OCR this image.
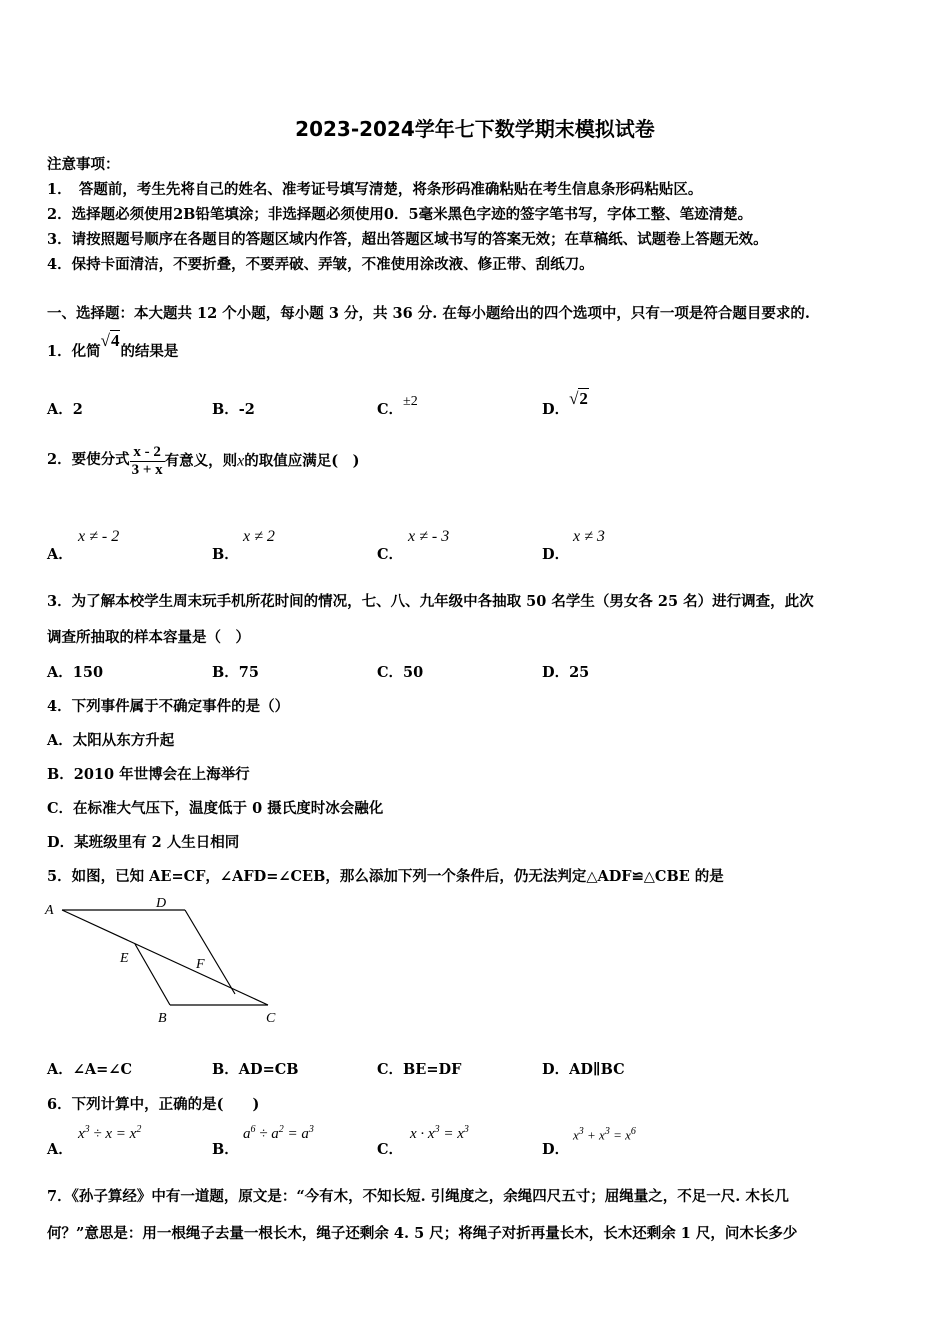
2023-2024学年七下数学期末模拟试卷
注意事项：
1．　答题前，考生先将自己的姓名、准考证号填写清楚，将条形码准确粘贴在考生信息条形码粘贴区。
2．选择题必须使用2B铅笔填涂；非选择题必须使用0．5毫米黑色字迹的签字笔书写，字体工整、笔迹清楚。
3．请按照题号顺序在各题目的答题区域内作答，超出答题区域书写的答案无效；在草稿纸、试题卷上答题无效。
4．保持卡面清洁，不要折叠，不要弄破、弄皱，不准使用涂改液、修正带、刮纸刀。
一、选择题：本大题共 12 个小题，每小题 3 分，共 36 分. 在每小题给出的四个选项中，只有一项是符合题目要求的.
1．化简√4的结果是
A．2	B．-2	C．±2	D．√2
2．要使分式 $\frac{x - 2}{3 + x}$ 有意义，则x的取值应满足(　)
A．
x ≠ - 2
B．
x ≠ 2
C．
x ≠ - 3
D．
x ≠ 3
3．为了解本校学生周末玩手机所花时间的情况，七、八、九年级中各抽取 50 名学生（男女各 25 名）进行调查，此次
调查所抽取的样本容量是（　）
A．150	B．75	C．50	D．25
4．下列事件属于不确定事件的是（）
A．太阳从东方升起
B．2010 年世博会在上海举行
C．在标准大气压下，温度低于 0 摄氏度时冰会融化
D．某班级里有 2 人生日相同
5．如图，已知 AE=CF，∠AFD=∠CEB，那么添加下列一个条件后，仍无法判定△ADF≌△CBE 的是
A	D
E	F
B	C
A．∠A=∠C	B．AD=CB	C．BE=DF	D．AD∥BC
6．下列计算中，正确的是(　　)
A．
$x^3 \div x = x^2$
B．
$a^6 \div a^2 = a^3$
C．
$x \cdot x^3 = x^3$
D．
$x^3 + x^3 = x^6$
7．《孙子算经》中有一道题，原文是：“今有木，不知长短. 引绳度之，余绳四尺五寸；屈绳量之，不足一尺. 木长几
何？”意思是：用一根绳子去量一根长木，绳子还剩余 4. 5 尺；将绳子对折再量长木，长木还剩余 1 尺，问木长多少
